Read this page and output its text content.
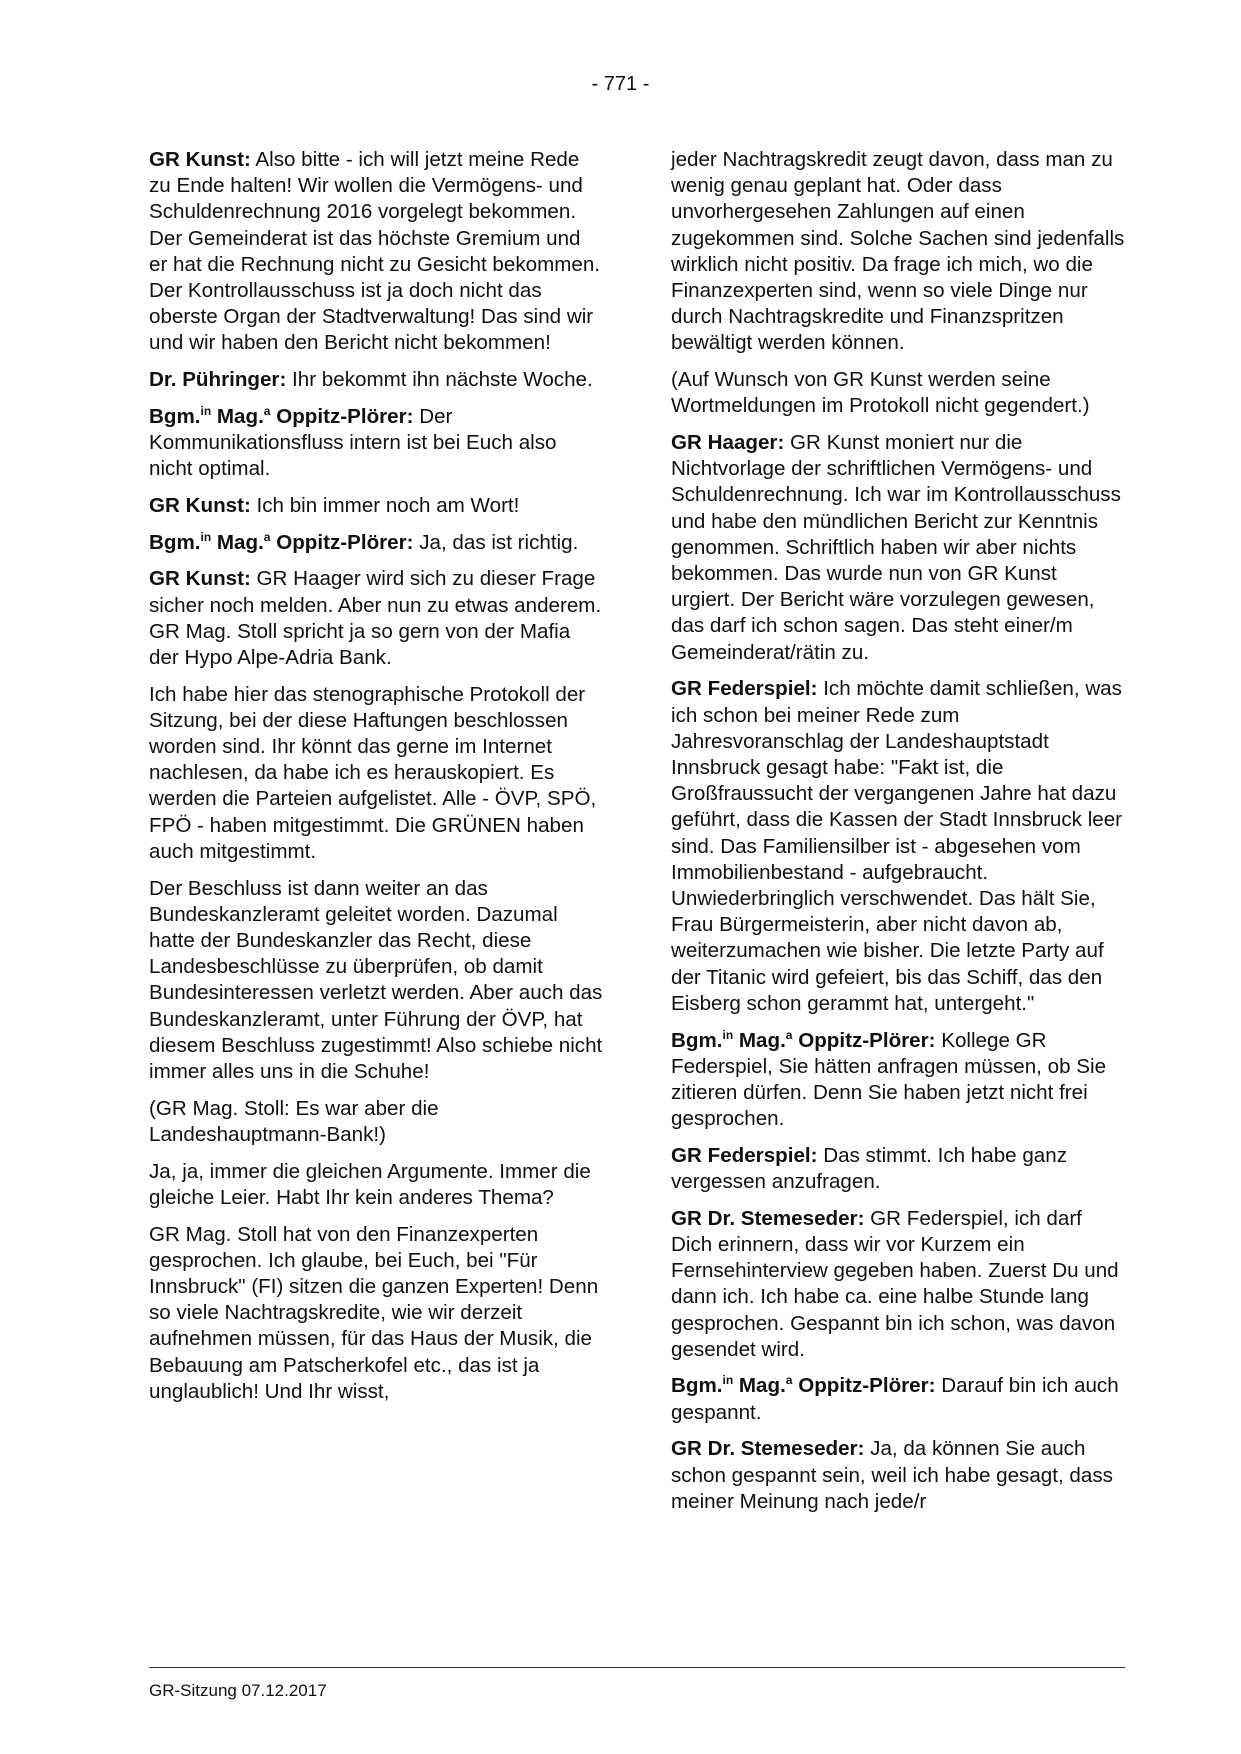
- 771 -

GR Kunst: Also bitte - ich will jetzt meine Rede zu Ende halten! Wir wollen die Vermögens- und Schuldenrechnung 2016 vorgelegt bekommen. Der Gemeinderat ist das höchste Gremium und er hat die Rechnung nicht zu Gesicht bekommen. Der Kontrollausschuss ist ja doch nicht das oberste Organ der Stadtverwaltung! Das sind wir und wir haben den Bericht nicht bekommen!

Dr. Pühringer: Ihr bekommt ihn nächste Woche.

Bgm.$^{in}$ Mag.$^a$ Oppitz-Plörer: Der Kommunikationsfluss intern ist bei Euch also nicht optimal.

GR Kunst: Ich bin immer noch am Wort!

Bgm.$^{in}$ Mag.$^a$ Oppitz-Plörer: Ja, das ist richtig.

GR Kunst: GR Haager wird sich zu dieser Frage sicher noch melden. Aber nun zu etwas anderem. GR Mag. Stoll spricht ja so gern von der Mafia der Hypo Alpe-Adria Bank.

Ich habe hier das stenographische Protokoll der Sitzung, bei der diese Haftungen beschlossen worden sind. Ihr könnt das gerne im Internet nachlesen, da habe ich es herauskopiert. Es werden die Parteien aufgelistet. Alle - ÖVP, SPÖ, FPÖ - haben mitgestimmt. Die GRÜNEN haben auch mitgestimmt.

Der Beschluss ist dann weiter an das Bundeskanzleramt geleitet worden. Dazumal hatte der Bundeskanzler das Recht, diese Landesbeschlüsse zu überprüfen, ob damit Bundesinteressen verletzt werden. Aber auch das Bundeskanzleramt, unter Führung der ÖVP, hat diesem Beschluss zugestimmt! Also schiebe nicht immer alles uns in die Schuhe!

(GR Mag. Stoll: Es war aber die Landeshauptmann-Bank!)

Ja, ja, immer die gleichen Argumente. Immer die gleiche Leier. Habt Ihr kein anderes Thema?

GR Mag. Stoll hat von den Finanzexperten gesprochen. Ich glaube, bei Euch, bei "Für Innsbruck" (FI) sitzen die ganzen Experten! Denn so viele Nachtragskredite, wie wir derzeit aufnehmen müssen, für das Haus der Musik, die Bebauung am Patscherkofel etc., das ist ja unglaublich! Und Ihr wisst,

jeder Nachtragskredit zeugt davon, dass man zu wenig genau geplant hat. Oder dass unvorhergesehen Zahlungen auf einen zugekommen sind. Solche Sachen sind jedenfalls wirklich nicht positiv. Da frage ich mich, wo die Finanzexperten sind, wenn so viele Dinge nur durch Nachtragskredite und Finanzspritzen bewältigt werden können.

(Auf Wunsch von GR Kunst werden seine Wortmeldungen im Protokoll nicht gegendert.)

GR Haager: GR Kunst moniert nur die Nichtvorlage der schriftlichen Vermögens- und Schuldenrechnung. Ich war im Kontrollausschuss und habe den mündlichen Bericht zur Kenntnis genommen. Schriftlich haben wir aber nichts bekommen. Das wurde nun von GR Kunst urgiert. Der Bericht wäre vorzulegen gewesen, das darf ich schon sagen. Das steht einer/m Gemeinderat/rätin zu.

GR Federspiel: Ich möchte damit schließen, was ich schon bei meiner Rede zum Jahresvoranschlag der Landeshauptstadt Innsbruck gesagt habe: "Fakt ist, die Großfraussucht der vergangenen Jahre hat dazu geführt, dass die Kassen der Stadt Innsbruck leer sind. Das Familiensilber ist - abgesehen vom Immobilienbestand - aufgebraucht. Unwiederbringlich verschwendet. Das hält Sie, Frau Bürgermeisterin, aber nicht davon ab, weiterzumachen wie bisher. Die letzte Party auf der Titanic wird gefeiert, bis das Schiff, das den Eisberg schon gerammt hat, untergeht."

Bgm.$^{in}$ Mag.$^a$ Oppitz-Plörer: Kollege GR Federspiel, Sie hätten anfragen müssen, ob Sie zitieren dürfen. Denn Sie haben jetzt nicht frei gesprochen.

GR Federspiel: Das stimmt. Ich habe ganz vergessen anzufragen.

GR Dr. Stemeseder: GR Federspiel, ich darf Dich erinnern, dass wir vor Kurzem ein Fernsehinterview gegeben haben. Zuerst Du und dann ich. Ich habe ca. eine halbe Stunde lang gesprochen. Gespannt bin ich schon, was davon gesendet wird.

Bgm.$^{in}$ Mag.$^a$ Oppitz-Plörer: Darauf bin ich auch gespannt.

GR Dr. Stemeseder: Ja, da können Sie auch schon gespannt sein, weil ich habe gesagt, dass meiner Meinung nach jede/r

GR-Sitzung 07.12.2017
